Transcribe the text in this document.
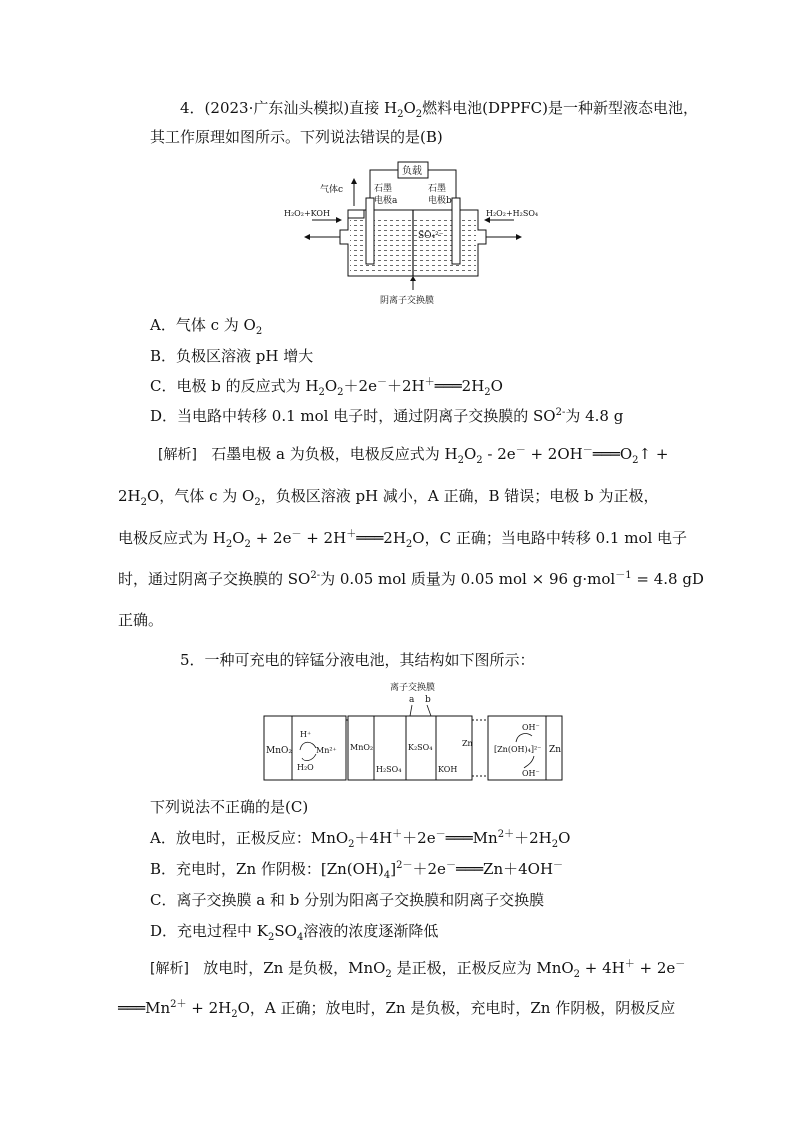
4．(2023·广东汕头模拟)直接 $H_2O_2$燃料电池(DPPFC)是一种新型液态电池，
其工作原理如图所示。下列说法错误的是(B)
负载
气体c	石墨
电极a
石墨
电极b
H₂O₂+KOH	H₂O₂+H₂SO₄
SO₄²⁻
阴离子交换膜
A．气体 c 为 $O_2$
B．负极区溶液 pH 增大
C．电极 b 的反应式为 $H_2O_2+2e^-+2H^+═══2H_2O$
D．当电路中转移 0.1 mol 电子时，通过阴离子交换膜的 $SO^{2-}$为 4.8 g
[解析] 石墨电极 a 为负极，电极反应式为 $H_2O_2 - 2e^-$ + $2OH^-═══O_2↑$ +
$2H_2O$，气体 c 为 $O_2$，负极区溶液 pH 减小，A 正确，B 错误；电极 b 为正极，
电极反应式为 $H_2O_2 + 2e^-$ + $2H^+═══2H_2O$，C 正确；当电路中转移 0.1 mol 电子
时，通过阴离子交换膜的 $SO^{2-}$为 0.05 mol 质量为 0.05 mol × 96 g·mol$^{-1}$ = 4.8 gD
正确。
5．一种可充电的锌锰分液电池，其结构如下图所示：
离子交换膜
a b
MnO₂
H⁺
Mn²⁺
H₂O
MnO₂
H₂SO₄
K₂SO₄
KOH
Zn
OH⁻
[Zn(OH)₄]²⁻
OH⁻
Zn
下列说法不正确的是(C)
A．放电时，正极反应：$MnO_2+4H^++2e^-═══Mn^{2+}+2H_2O$
B．充电时，Zn 作阴极：$[Zn(OH)_4]^{2-}+2e^-═══Zn+4OH^-$
C．离子交换膜 a 和 b 分别为阳离子交换膜和阴离子交换膜
D．充电过程中 $K_2SO_4$溶液的浓度逐渐降低
[解析] 放电时，Zn 是负极，MnO$_2$ 是正极，正极反应为 MnO$_2$ + 4H＋ + 2e－
$═══Mn^{2+} + 2H_2O$，A 正确；放电时，Zn 是负极，充电时，Zn 作阴极，阴极反应
